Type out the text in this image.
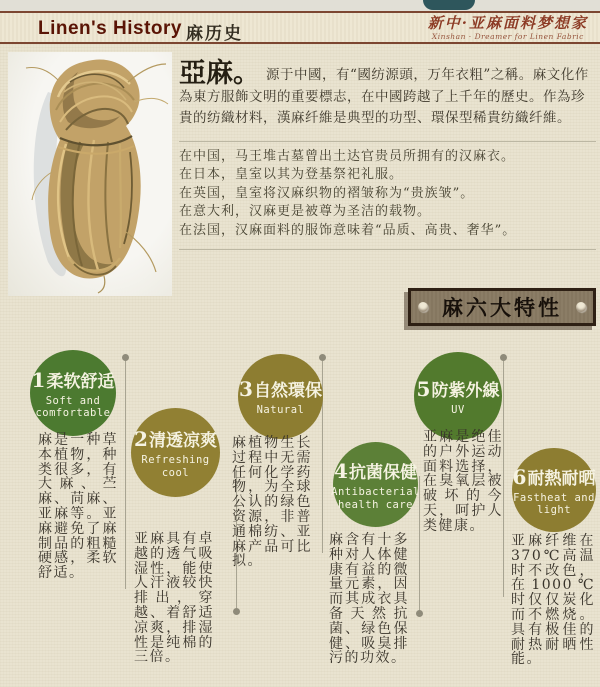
Linen's History 麻历史
新中·亚麻面料梦想家
Xinshan · Dreamer for Linen Fabric
亞麻。 源于中國，有“國纺源頭，万年衣粗”之稱。麻文化作為東方服飾文明的重要標志，在中國跨越了上千年的歷史。作為珍貴的纺織材料，漢麻纤維是典型的功型、環保型稀貴纺織纤維。
在中国，马王堆古墓曾出土达官贵员所拥有的汉麻衣。
在日本，皇室以其为登基祭祀礼服。
在英国，皇室将汉麻织物的褶皱称为“贵族皱”。
在意大利，汉麻更是被尊为圣洁的载物。
在法国，汉麻面料的服饰意味着“品质、高贵、奢华”。
麻六大特性
1柔软舒适
Soft and comfortable
2清透凉爽
Refreshing cool
3自然環保
Natural
4抗菌保健
Antibacterial health care
5防紫外線
UV
6耐熱耐晒
Fastheat and light
麻是一种草本植物，种类很多，有大麻、苎麻、苘麻、亚麻等。亚麻避免了麻制品的粗糙硬感，柔软舒适。
亚麻具有卓越的透气吸湿性，能使人汗液较快排出，穿越、着舒适凉爽，排湿性是纯棉的三倍。
麻植物生长过程中无需任何化学药物，为全球公认的绿色资源，非普通棉纺、亚麻产品可比拟。
麻含有十多种对人体健康有益的微量元素，因而其成衣具备天然抗菌、绿色保健、吸臭排污的功效。
亚麻是绝佳的户外运动面料选择，在臭氧层被破坏的今天，呵护人类健康。
亚麻纤维在370℃高温时不改色，在1000℃时仅仅炭化而不燃烧。具有极佳的耐热耐晒性能。
